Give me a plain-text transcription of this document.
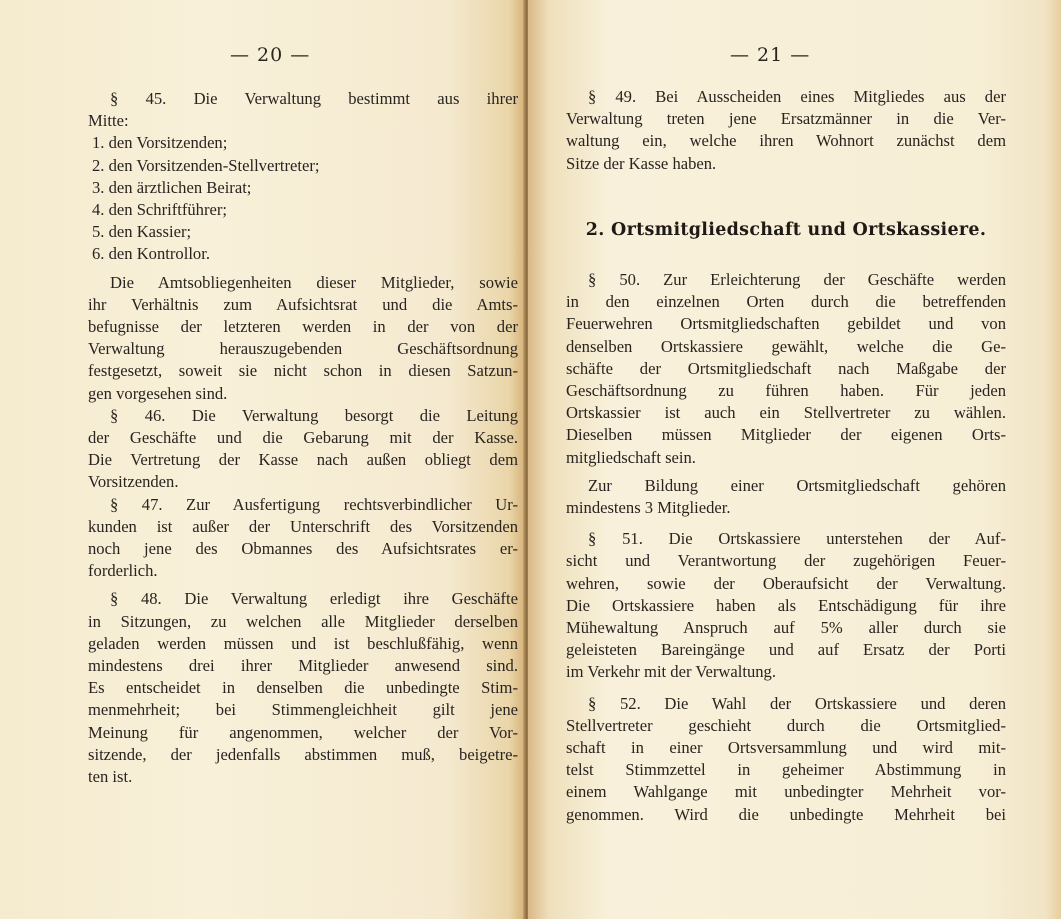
— 20 —
§ 45. Die Verwaltung bestimmt aus ihrer
Mitte:
1. den Vorsitzenden;
2. den Vorsitzenden-Stellvertreter;
3. den ärztlichen Beirat;
4. den Schriftführer;
5. den Kassier;
6. den Kontrollor.
Die Amtsobliegenheiten dieser Mitglieder, sowie
ihr Verhältnis zum Aufsichtsrat und die Amts-
befugnisse der letzteren werden in der von der
Verwaltung herauszugebenden Geschäftsordnung
festgesetzt, soweit sie nicht schon in diesen Satzun-
gen vorgesehen sind.
§ 46. Die Verwaltung besorgt die Leitung
der Geschäfte und die Gebarung mit der Kasse.
Die Vertretung der Kasse nach außen obliegt dem
Vorsitzenden.
§ 47. Zur Ausfertigung rechtsverbindlicher Ur-
kunden ist außer der Unterschrift des Vorsitzenden
noch jene des Obmannes des Aufsichtsrates er-
forderlich.
§ 48. Die Verwaltung erledigt ihre Geschäfte
in Sitzungen, zu welchen alle Mitglieder derselben
geladen werden müssen und ist beschlußfähig, wenn
mindestens drei ihrer Mitglieder anwesend sind.
Es entscheidet in denselben die unbedingte Stim-
menmehrheit; bei Stimmengleichheit gilt jene
Meinung für angenommen, welcher der Vor-
sitzende, der jedenfalls abstimmen muß, beigetre-
ten ist.
— 21 —
§ 49. Bei Ausscheiden eines Mitgliedes aus der
Verwaltung treten jene Ersatzmänner in die Ver-
waltung ein, welche ihren Wohnort zunächst dem
Sitze der Kasse haben.
2. Ortsmitgliedschaft und Ortskassiere.
§ 50. Zur Erleichterung der Geschäfte werden
in den einzelnen Orten durch die betreffenden
Feuerwehren Ortsmitgliedschaften gebildet und von
denselben Ortskassiere gewählt, welche die Ge-
schäfte der Ortsmitgliedschaft nach Maßgabe der
Geschäftsordnung zu führen haben. Für jeden
Ortskassier ist auch ein Stellvertreter zu wählen.
Dieselben müssen Mitglieder der eigenen Orts-
mitgliedschaft sein.
Zur Bildung einer Ortsmitgliedschaft gehören
mindestens 3 Mitglieder.
§ 51. Die Ortskassiere unterstehen der Auf-
sicht und Verantwortung der zugehörigen Feuer-
wehren, sowie der Oberaufsicht der Verwaltung.
Die Ortskassiere haben als Entschädigung für ihre
Mühewaltung Anspruch auf 5% aller durch sie
geleisteten Bareingänge und auf Ersatz der Porti
im Verkehr mit der Verwaltung.
§ 52. Die Wahl der Ortskassiere und deren
Stellvertreter geschieht durch die Ortsmitglied-
schaft in einer Ortsversammlung und wird mit-
telst Stimmzettel in geheimer Abstimmung in
einem Wahlgange mit unbedingter Mehrheit vor-
genommen. Wird die unbedingte Mehrheit bei
